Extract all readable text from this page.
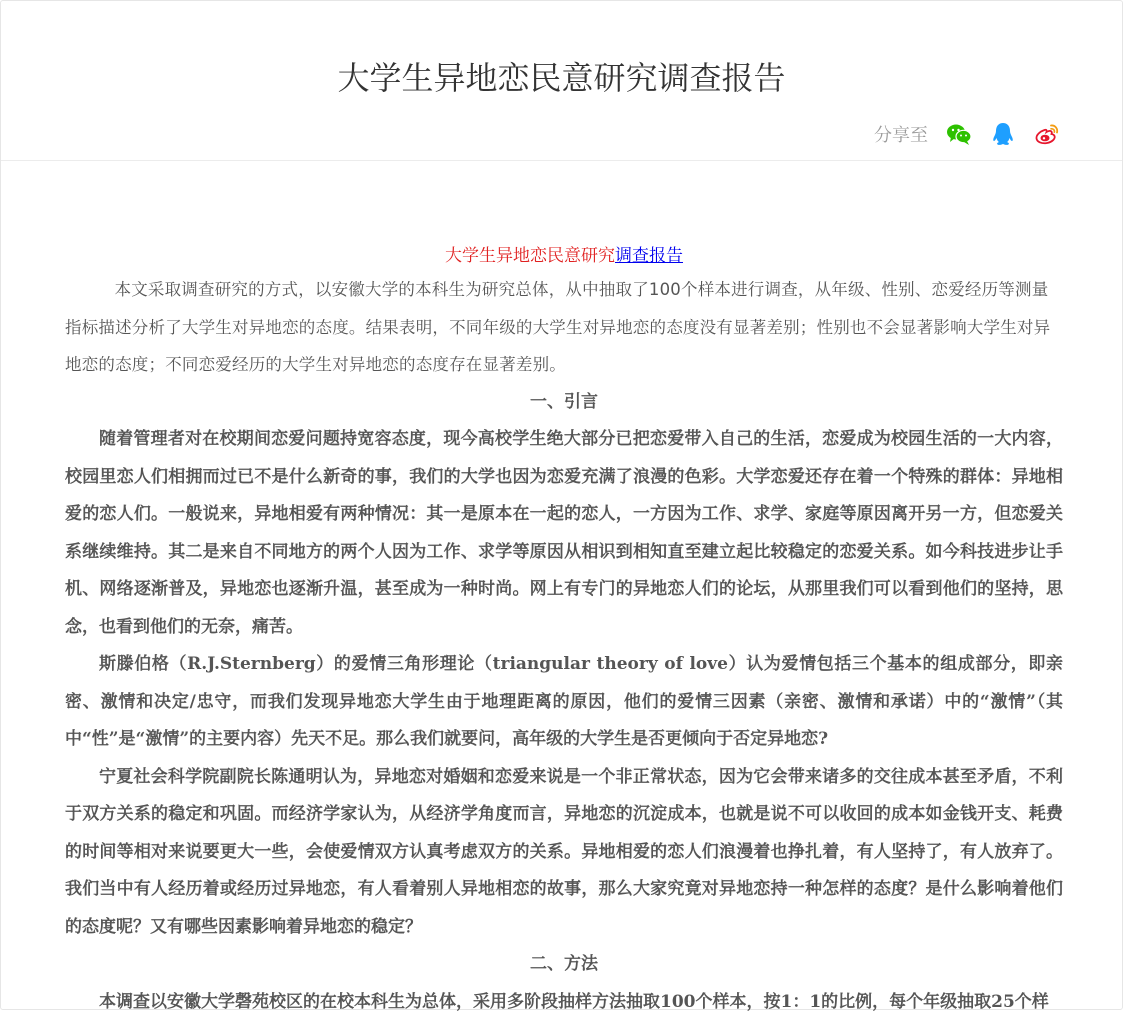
大学生异地恋民意研究调查报告
分享至

大学生异地恋民意研究调查报告

本文采取调查研究的方式，以安徽大学的本科生为研究总体，从中抽取了100个样本进行调查，从年级、性别、恋爱经历等测量指标描述分析了大学生对异地恋的态度。结果表明，不同年级的大学生对异地恋的态度没有显著差别；性别也不会显著影响大学生对异地恋的态度；不同恋爱经历的大学生对异地恋的态度存在显著差别。

一、引言

随着管理者对在校期间恋爱问题持宽容态度，现今高校学生绝大部分已把恋爱带入自己的生活，恋爱成为校园生活的一大内容，校园里恋人们相拥而过已不是什么新奇的事，我们的大学也因为恋爱充满了浪漫的色彩。大学恋爱还存在着一个特殊的群体：异地相爱的恋人们。一般说来，异地相爱有两种情况：其一是原本在一起的恋人，一方因为工作、求学、家庭等原因离开另一方，但恋爱关系继续维持。其二是来自不同地方的两个人因为工作、求学等原因从相识到相知直至建立起比较稳定的恋爱关系。如今科技进步让手机、网络逐渐普及，异地恋也逐渐升温，甚至成为一种时尚。网上有专门的异地恋人们的论坛，从那里我们可以看到他们的坚持，思念，也看到他们的无奈，痛苦。

斯滕伯格（R.J.Sternberg）的爱情三角形理论（triangular theory of love）认为爱情包括三个基本的组成部分，即亲密、激情和决定/忠守，而我们发现异地恋大学生由于地理距离的原因，他们的爱情三因素（亲密、激情和承诺）中的“激情”（其中“性”是“激情”的主要内容）先天不足。那么我们就要问，高年级的大学生是否更倾向于否定异地恋?

宁夏社会科学院副院长陈通明认为，异地恋对婚姻和恋爱来说是一个非正常状态，因为它会带来诸多的交往成本甚至矛盾，不利于双方关系的稳定和巩固。而经济学家认为，从经济学角度而言，异地恋的沉淀成本，也就是说不可以收回的成本如金钱开支、耗费的时间等相对来说要更大一些，会使爱情双方认真考虑双方的关系。异地相爱的恋人们浪漫着也挣扎着，有人坚持了，有人放弃了。我们当中有人经历着或经历过异地恋，有人看着别人异地相恋的故事，那么大家究竟对异地恋持一种怎样的态度？是什么影响着他们的态度呢？又有哪些因素影响着异地恋的稳定？

二、方法

本调查以安徽大学磬苑校区的在校本科生为总体，采用多阶段抽样方法抽取100个样本，按1：1的比例，每个年级抽取25个样
